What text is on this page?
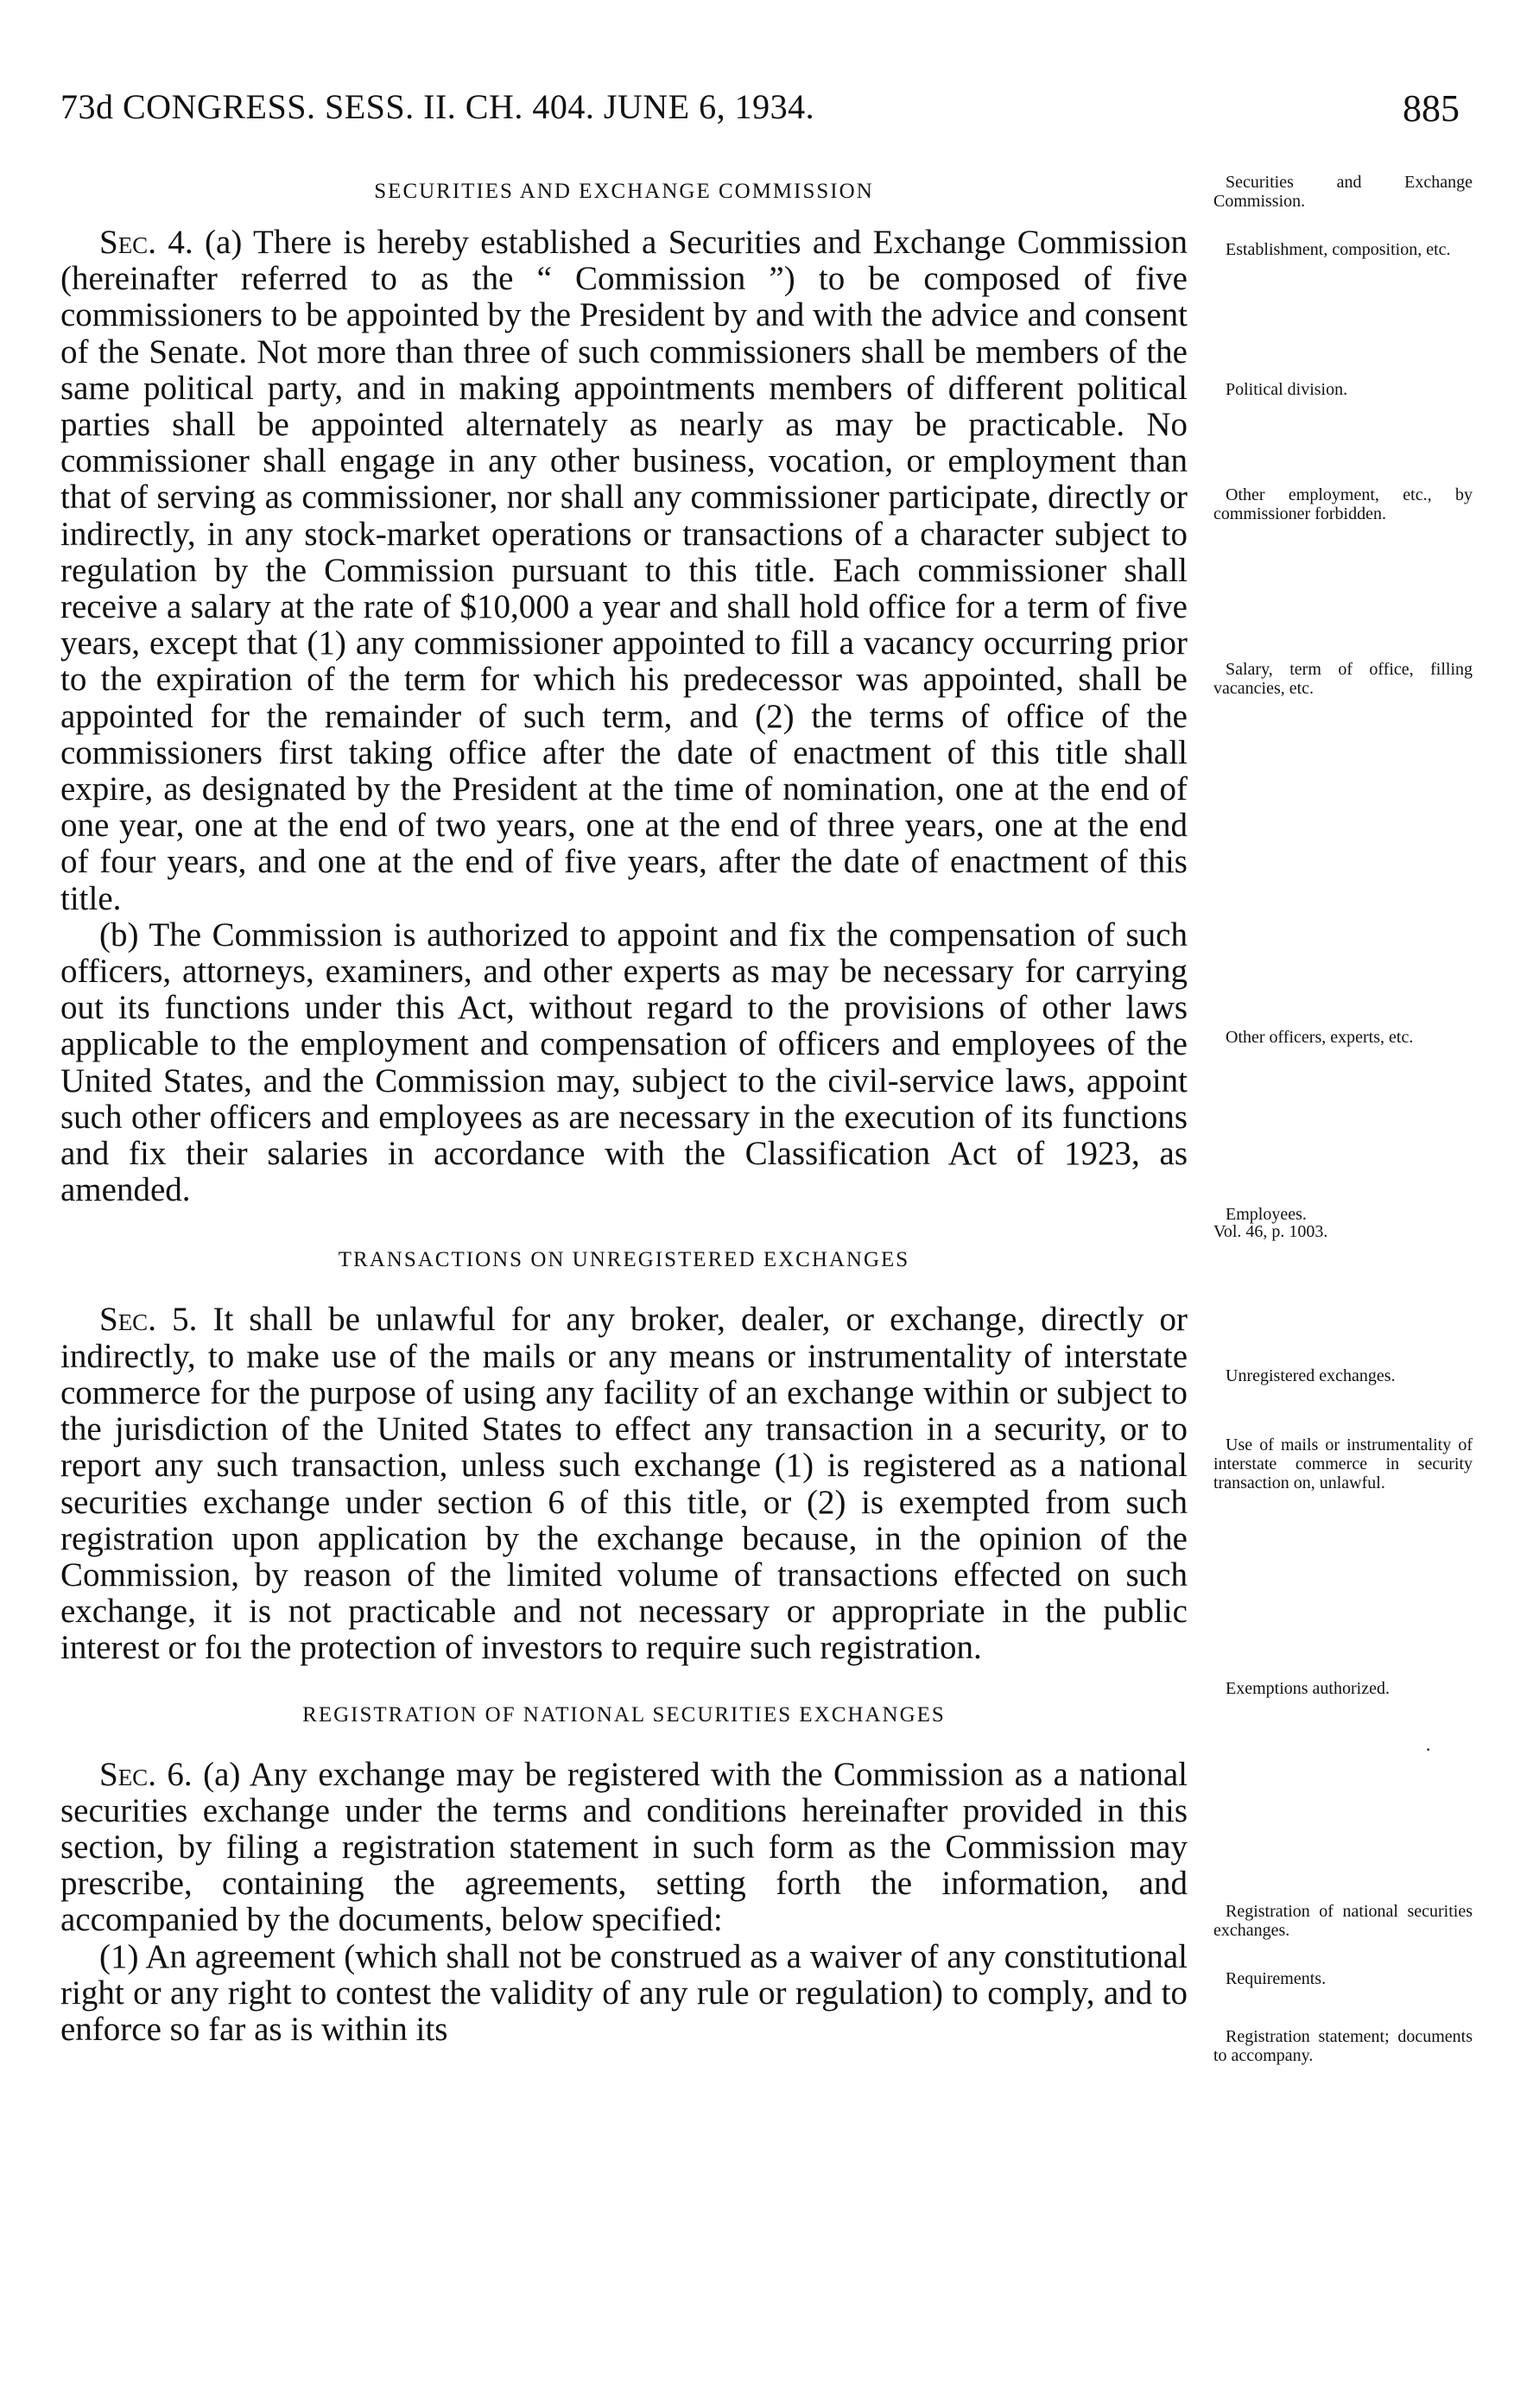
73d CONGRESS. SESS. II. CH. 404. JUNE 6, 1934.	885
SECURITIES AND EXCHANGE COMMISSION

Sec. 4. (a) There is hereby established a Securities and Exchange Commission (hereinafter referred to as the “ Commission ”) to be composed of five commissioners to be appointed by the President by and with the advice and consent of the Senate. Not more than three of such commissioners shall be members of the same political party, and in making appointments members of different political parties shall be appointed alternately as nearly as may be practicable. No commissioner shall engage in any other business, vocation, or employment than that of serving as commissioner, nor shall any commissioner participate, directly or indirectly, in any stock-market operations or transactions of a character subject to regulation by the Commission pursuant to this title. Each commissioner shall receive a salary at the rate of $10,000 a year and shall hold office for a term of five years, except that (1) any commissioner appointed to fill a vacancy occurring prior to the expiration of the term for which his predecessor was appointed, shall be appointed for the remainder of such term, and (2) the terms of office of the commissioners first taking office after the date of enactment of this title shall expire, as designated by the President at the time of nomination, one at the end of one year, one at the end of two years, one at the end of three years, one at the end of four years, and one at the end of five years, after the date of enactment of this title.

(b) The Commission is authorized to appoint and fix the compensation of such officers, attorneys, examiners, and other experts as may be necessary for carrying out its functions under this Act, without regard to the provisions of other laws applicable to the employment and compensation of officers and employees of the United States, and the Commission may, subject to the civil-service laws, appoint such other officers and employees as are necessary in the execution of its functions and fix their salaries in accordance with the Classification Act of 1923, as amended.

TRANSACTIONS ON UNREGISTERED EXCHANGES

Sec. 5. It shall be unlawful for any broker, dealer, or exchange, directly or indirectly, to make use of the mails or any means or instrumentality of interstate commerce for the purpose of using any facility of an exchange within or subject to the jurisdiction of the United States to effect any transaction in a security, or to report any such transaction, unless such exchange (1) is registered as a national securities exchange under section 6 of this title, or (2) is exempted from such registration upon application by the exchange because, in the opinion of the Commission, by reason of the limited volume of transactions effected on such exchange, it is not practicable and not necessary or appropriate in the public interest or foı the protection of investors to require such registration.

REGISTRATION OF NATIONAL SECURITIES EXCHANGES

Sec. 6. (a) Any exchange may be registered with the Commission as a national securities exchange under the terms and conditions hereinafter provided in this section, by filing a registration statement in such form as the Commission may prescribe, containing the agreements, setting forth the information, and accompanied by the documents, below specified:

(1) An agreement (which shall not be construed as a waiver of any constitutional right or any right to contest the validity of any rule or regulation) to comply, and to enforce so far as is within its

Securities and Exchange Commission.
Establishment, composition, etc.
Political division.
Other employment, etc., by commissioner forbidden.
Salary, term of office, filling vacancies, etc.
Other officers, experts, etc.
Employees.
Vol. 46, p. 1003.
Unregistered exchanges.
Use of mails or instrumentality of interstate commerce in security transaction on, unlawful.
Exemptions authorized.
Registration of national securities exchanges.
Requirements.
Registration statement; documents to accompany.
·
